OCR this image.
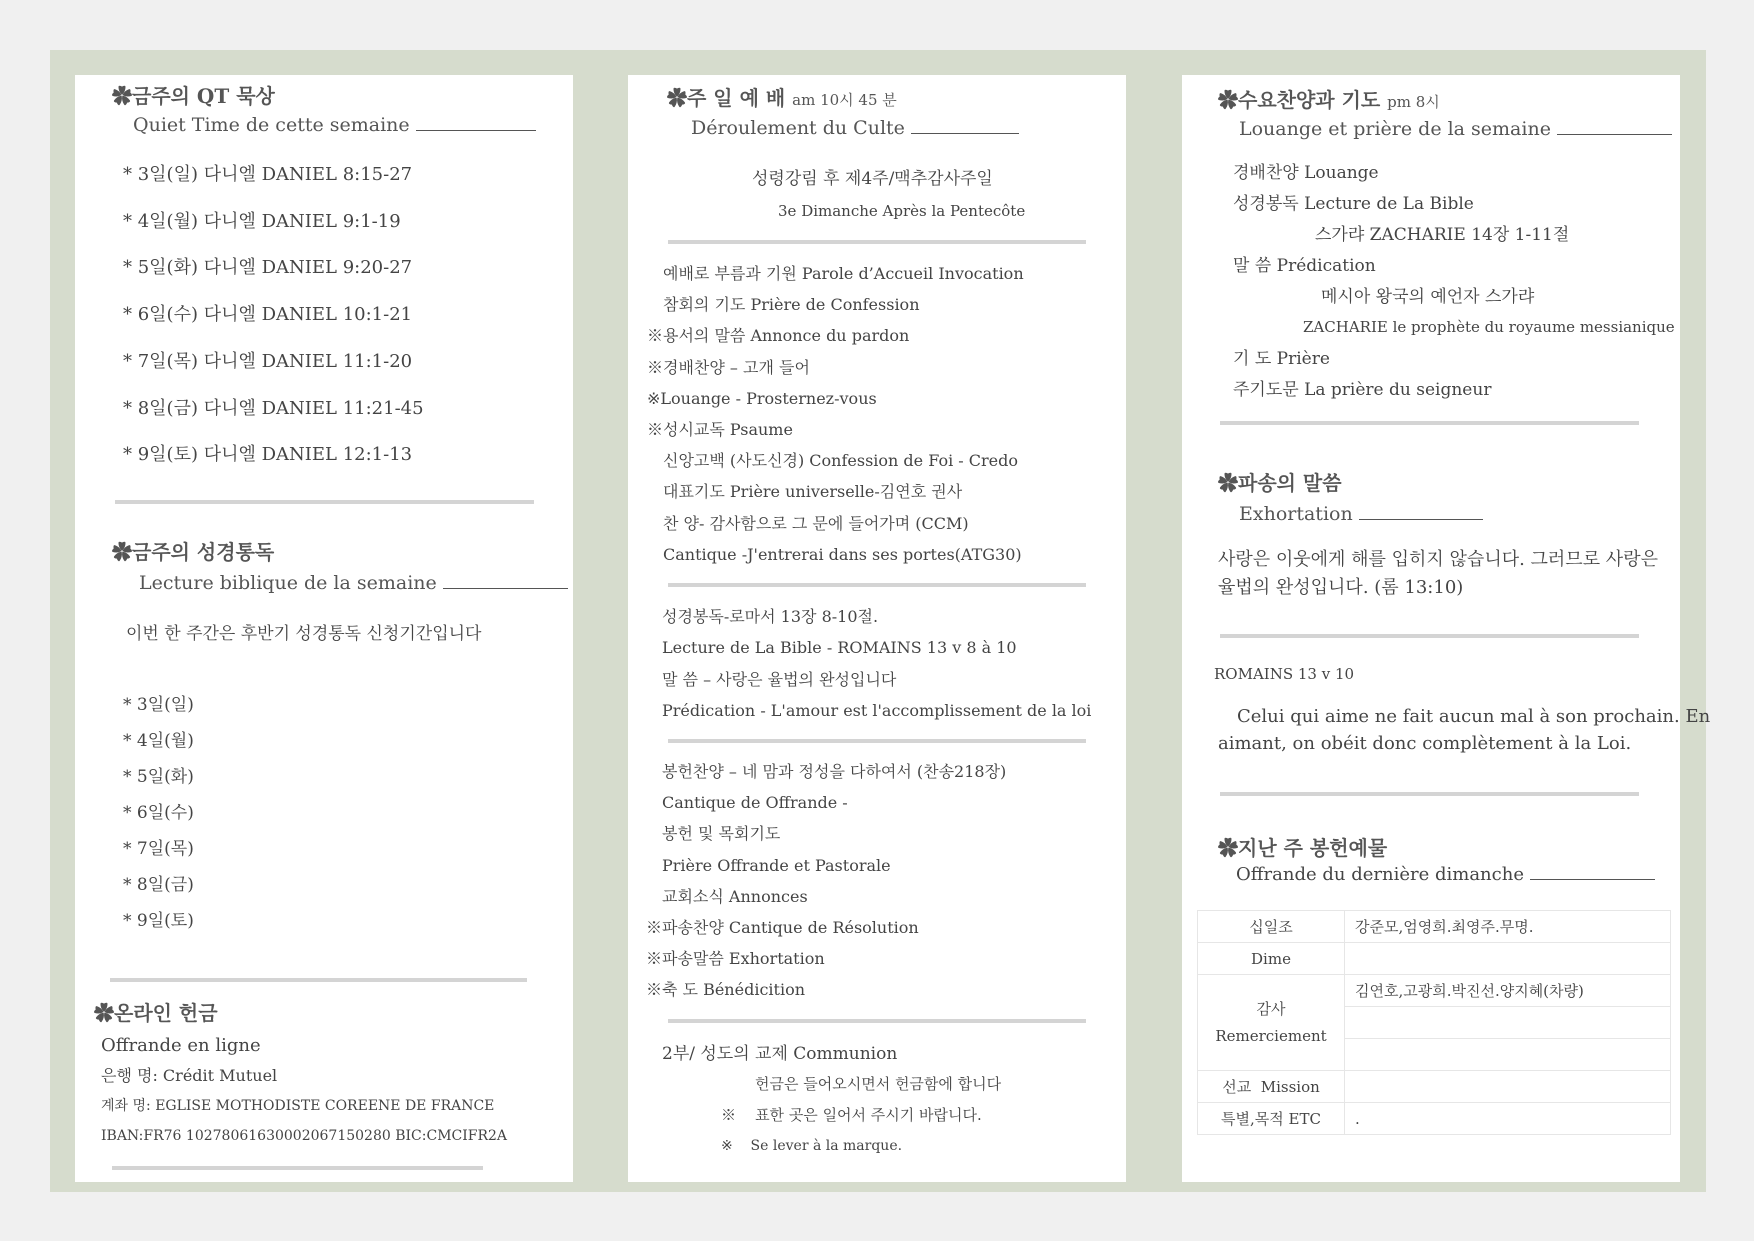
✿금주의 QT 묵상
Quiet Time de cette semaine
* 3일(일) 다니엘 DANIEL 8:15-27
* 4일(월) 다니엘 DANIEL 9:1-19
* 5일(화) 다니엘 DANIEL 9:20-27
* 6일(수) 다니엘 DANIEL 10:1-21
* 7일(목) 다니엘 DANIEL 11:1-20
* 8일(금) 다니엘 DANIEL 11:21-45
* 9일(토) 다니엘 DANIEL 12:1-13
✿금주의 성경통독
Lecture biblique de la semaine
이번 한 주간은 후반기 성경통독 신청기간입니다
* 3일(일)
* 4일(월)
* 5일(화)
* 6일(수)
* 7일(목)
* 8일(금)
* 9일(토)
✿온라인 헌금
Offrande en ligne
은행 명: Crédit Mutuel
계좌 명: EGLISE MOTHODISTE COREENE DE FRANCE
IBAN:FR76 10278061630002067150280 BIC:CMCIFR2A
✿주 일 예 배 am 10시 45 분
Déroulement du Culte
성령강림 후 제4주/맥추감사주일
3e Dimanche Après la Pentecôte
예배로 부름과 기원 Parole d’Accueil Invocation
참회의 기도 Prière de Confession
※용서의 말씀 Annonce du pardon
※경배찬양 – 고개 들어
※Louange - Prosternez-vous
※성시교독 Psaume
신앙고백 (사도신경) Confession de Foi - Credo
대표기도 Prière universelle-김연호 권사
찬 양- 감사함으로 그 문에 들어가며 (CCM)
Cantique -J'entrerai dans ses portes(ATG30)
성경봉독-로마서 13장 8-10절.
Lecture de La Bible - ROMAINS 13 v 8 à 10
말 씀 – 사랑은 율법의 완성입니다
Prédication - L'amour est l'accomplissement de la loi
봉헌찬양 – 네 맘과 정성을 다하여서 (찬송218장)
Cantique de Offrande -
봉헌 및 목회기도
Prière Offrande et Pastorale
교회소식 Annonces
※파송찬양 Cantique de Résolution
※파송말씀 Exhortation
※축 도 Bénédicition
2부/ 성도의 교제 Communion
헌금은 들어오시면서 헌금함에 합니다
※    표한 곳은 일어서 주시기 바랍니다.
※    Se lever à la marque.
✿수요찬양과 기도 pm 8시
Louange et prière de la semaine
경배찬양 Louange
성경봉독 Lecture de La Bible
스가랴 ZACHARIE 14장 1-11절
말 씀 Prédication
메시아 왕국의 예언자 스가랴
ZACHARIE le prophète du royaume messianique
기 도 Prière
주기도문 La prière du seigneur
✿파송의 말씀
Exhortation
사랑은 이웃에게 해를 입히지 않습니다. 그러므로 사랑은
율법의 완성입니다. (롬 13:10)
ROMAINS 13 v 10
Celui qui aime ne fait aucun mal à son prochain. En
aimant, on obéit donc complètement à la Loi.
✿지난 주 봉헌예물
Offrande du dernière dimanche
십일조	강준모,엄영희.최영주.무명.
Dime	
감사
Remerciement	김연호,고광희.박진선.양지혜(차량)

선교  Mission	
특별,목적 ETC	.
